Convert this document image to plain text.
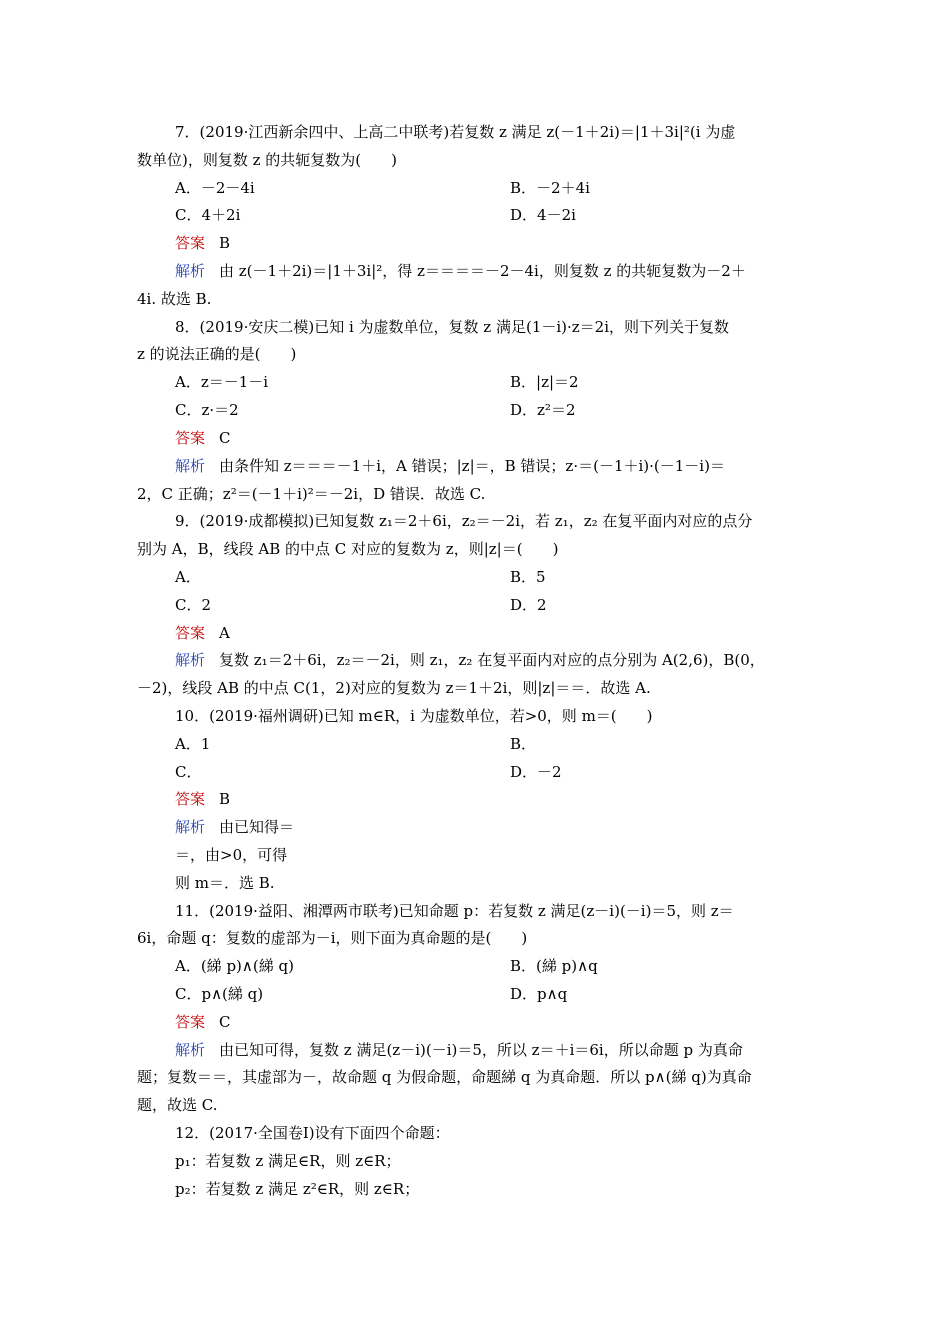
7．(2019·江西新余四中、上高二中联考)若复数 z 满足 z(－1＋2i)＝|1＋3i|²(i 为虚
数单位)，则复数 z 的共轭复数为(　　)
A．－2－4i	B．－2＋4i
C．4＋2i	D．4－2i
答案 B
解析 由 z(－1＋2i)＝|1＋3i|²，得 z＝＝＝＝－2－4i，则复数 z 的共轭复数为－2＋
4i. 故选 B.
8．(2019·安庆二模)已知 i 为虚数单位，复数 z 满足(1－i)·z＝2i，则下列关于复数
z 的说法正确的是(　　)
A．z＝－1－i	B．|z|＝2
C．z·＝2	D．z²＝2
答案 C
解析 由条件知 z＝＝＝－1＋i，A 错误；|z|＝，B 错误；z·＝(－1＋i)·(－1－i)＝
2，C 正确；z²＝(－1＋i)²＝－2i，D 错误．故选 C.
9．(2019·成都模拟)已知复数 z₁＝2＋6i，z₂＝－2i，若 z₁，z₂ 在复平面内对应的点分
别为 A，B，线段 AB 的中点 C 对应的复数为 z，则|z|＝(　　)
A．	B．5
C．2	D．2
答案 A
解析 复数 z₁＝2＋6i，z₂＝－2i，则 z₁，z₂ 在复平面内对应的点分别为 A(2,6)，B(0，
－2)，线段 AB 的中点 C(1，2)对应的复数为 z＝1＋2i，则|z|＝＝．故选 A.
10．(2019·福州调研)已知 m∈R，i 为虚数单位，若>0，则 m＝(　　)
A．1	B．
C．	D．－2
答案 B
解析 由已知得＝
＝，由>0，可得
则 m＝．选 B.
11．(2019·益阳、湘潭两市联考)已知命题 p：若复数 z 满足(z－i)(－i)＝5，则 z＝
6i，命题 q：复数的虚部为－i，则下面为真命题的是(　　)
A．(綈 p)∧(綈 q)	B．(綈 p)∧q
C．p∧(綈 q)	D．p∧q
答案 C
解析 由已知可得，复数 z 满足(z－i)(－i)＝5，所以 z＝＋i＝6i，所以命题 p 为真命
题；复数＝＝，其虚部为－，故命题 q 为假命题，命题綈 q 为真命题．所以 p∧(綈 q)为真命
题，故选 C.
12．(2017·全国卷Ⅰ)设有下面四个命题：
p₁：若复数 z 满足∈R，则 z∈R；
p₂：若复数 z 满足 z²∈R，则 z∈R；
